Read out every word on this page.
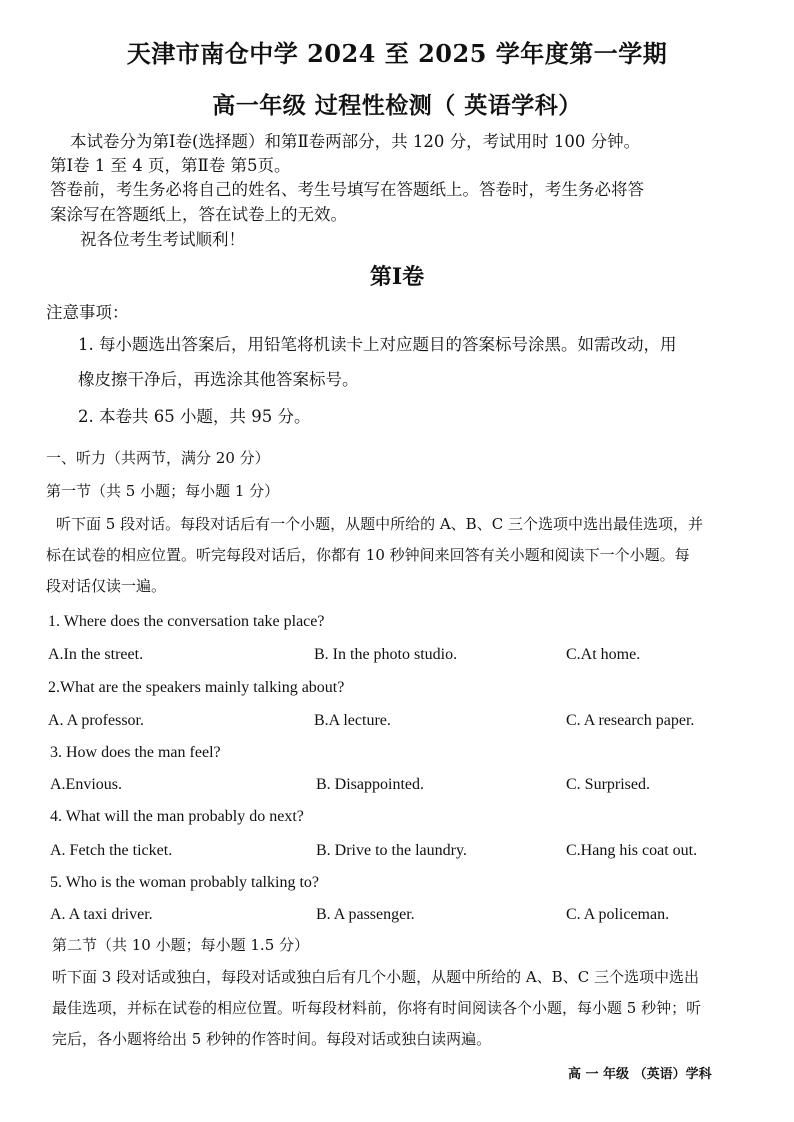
天津市南仓中学 2024 至 2025 学年度第一学期
高一年级 过程性检测（ 英语学科）
本试卷分为第Ⅰ卷(选择题）和第Ⅱ卷两部分，共 120 分，考试用时 100 分钟。
第Ⅰ卷 1 至 4 页，第Ⅱ卷 第5页。
答卷前，考生务必将自己的姓名、考生号填写在答题纸上。答卷时，考生务必将答
案涂写在答题纸上，答在试卷上的无效。
祝各位考生考试顺利！
第Ⅰ卷
注意事项：
1. 每小题选出答案后，用铅笔将机读卡上对应题目的答案标号涂黑。如需改动，用
橡皮擦干净后，再选涂其他答案标号。
2. 本卷共 65 小题，共 95 分。
一、听力（共两节，满分 20 分）
第一节（共 5 小题；每小题 1 分）
听下面 5 段对话。每段对话后有一个小题，从题中所给的 A、B、C 三个选项中选出最佳选项，并
标在试卷的相应位置。听完每段对话后，你都有 10 秒钟间来回答有关小题和阅读下一个小题。每
段对话仅读一遍。
1. Where does the conversation take place?
A.In the street.	B. In the photo studio.	C.At home.
2.What are the speakers mainly talking about?
A. A professor.	B.A lecture.	C. A research paper.
3. How does the man feel?
A.Envious.	B. Disappointed.	C. Surprised.
4. What will the man probably do next?
A. Fetch the ticket.	B. Drive to the laundry.	C.Hang his coat out.
5. Who is the woman probably talking to?
A. A taxi driver.	B. A passenger.	C. A policeman.
第二节（共 10 小题；每小题 1.5 分）
听下面 3 段对话或独白，每段对话或独白后有几个小题，从题中所给的 A、B、C 三个选项中选出
最佳选项，并标在试卷的相应位置。听每段材料前，你将有时间阅读各个小题，每小题 5 秒钟；听
完后，各小题将给出 5 秒钟的作答时间。每段对话或独白读两遍。
高 一 年级 （英语）学科
